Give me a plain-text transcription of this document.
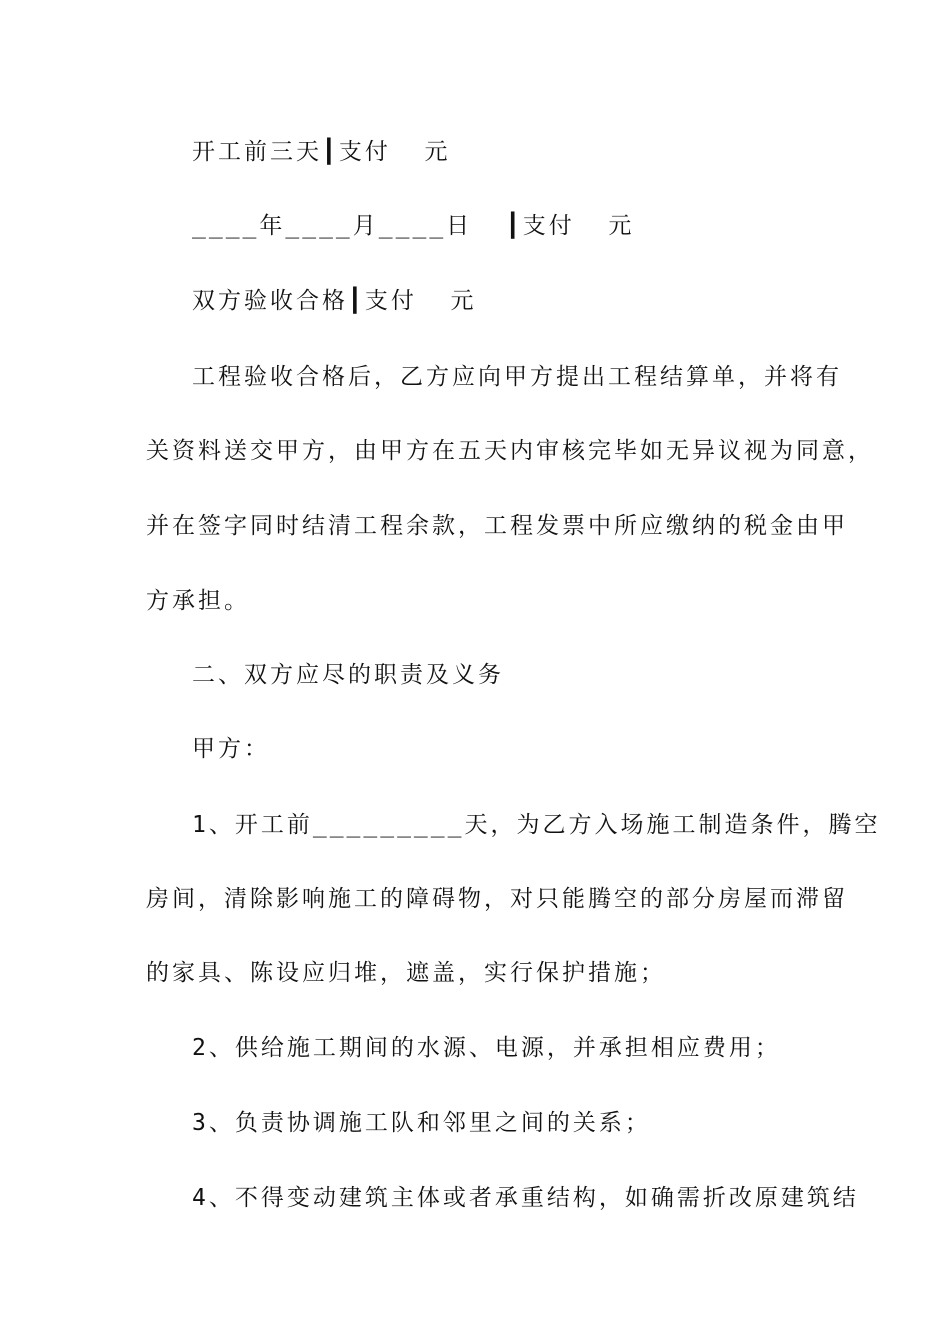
开工前三天┃支付  元
____年____月____日  ┃支付  元
双方验收合格┃支付  元
工程验收合格后，乙方应向甲方提出工程结算单，并将有
关资料送交甲方，由甲方在五天内审核完毕如无异议视为同意，
并在签字同时结清工程余款，工程发票中所应缴纳的税金由甲
方承担。
二、双方应尽的职责及义务
甲方：
1、开工前_________天，为乙方入场施工制造条件，腾空
房间，清除影响施工的障碍物，对只能腾空的部分房屋而滞留
的家具、陈设应归堆，遮盖，实行保护措施；
2、供给施工期间的水源、电源，并承担相应费用；
3、负责协调施工队和邻里之间的关系；
4、不得变动建筑主体或者承重结构，如确需折改原建筑结
